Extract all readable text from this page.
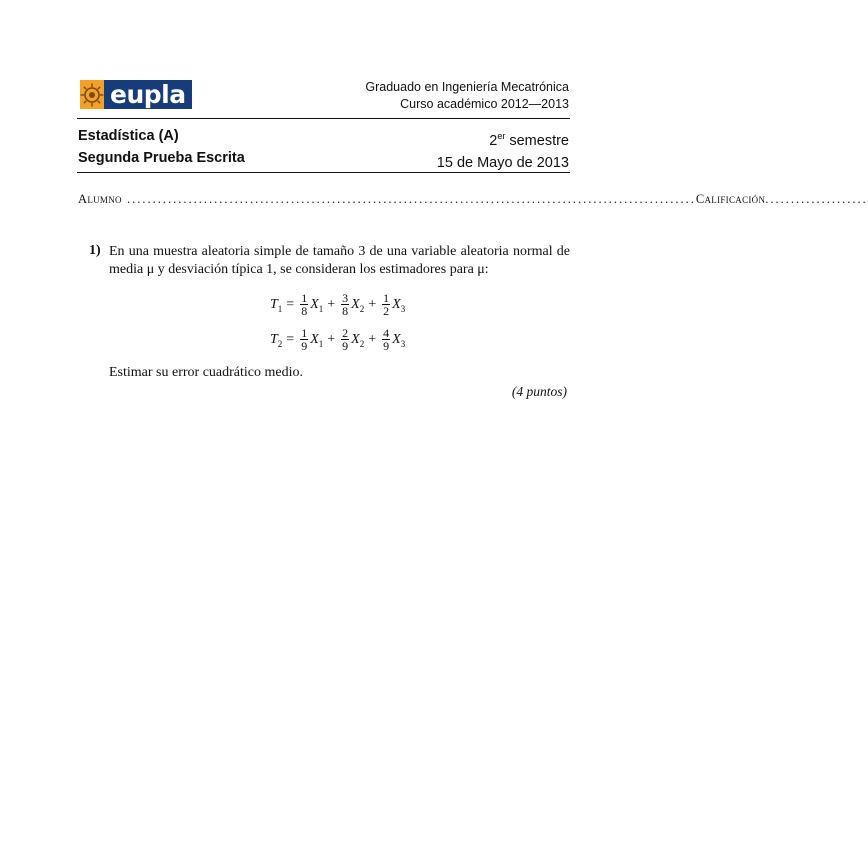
eupla	Graduado en Ingeniería Mecatrónica
Curso académico 2012—2013
Estadística (A)
Segunda Prueba Escrita
2er semestre
15 de Mayo de 2013
Alumno ............................................................................................................... Calificación ....................
1) En una muestra aleatoria simple de tamaño 3 de una variable aleatoria normal de media μ y desviación típica 1, se consideran los estimadores para μ:
T $1 = \frac{1}{8}$ X $1 + \frac{3}{8}$ X $2 + \frac{1}{2}$ X 3
T $2 = \frac{1}{9}$ X $1 + \frac{2}{9}$ X $2 + \frac{4}{9}$ X 3
Estimar su error cuadrático medio.
(4 puntos)
